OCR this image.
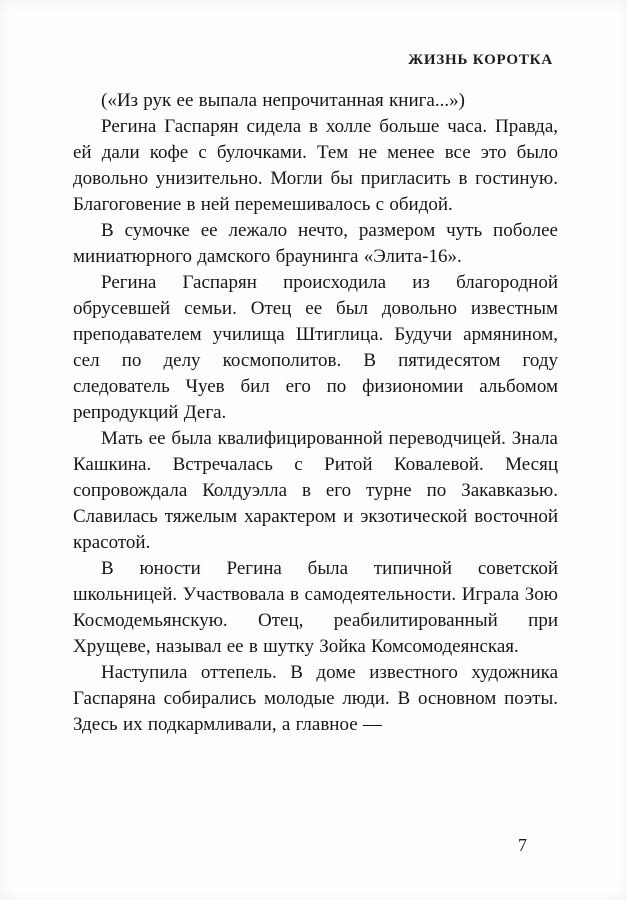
ЖИЗНЬ КОРОТКА

(«Из рук ее выпала непрочитанная книга...»)

Регина Гаспарян сидела в холле больше часа. Правда, ей дали кофе с булочками. Тем не менее все это было довольно унизительно. Могли бы пригласить в гостиную. Благоговение в ней перемешивалось с обидой.

В сумочке ее лежало нечто, размером чуть поболее миниатюрного дамского браунинга «Элита-16».

Регина Гаспарян происходила из благородной обрусевшей семьи. Отец ее был довольно известным преподавателем училища Штиглица. Будучи армянином, сел по делу космополитов. В пятидесятом году следователь Чуев бил его по физиономии альбомом репродукций Дега.

Мать ее была квалифицированной переводчицей. Знала Кашкина. Встречалась с Ритой Ковалевой. Месяц сопровождала Колдуэлла в его турне по Закавказью. Славилась тяжелым характером и экзотической восточной красотой.

В юности Регина была типичной советской школьницей. Участвовала в самодеятельности. Играла Зою Космодемьянскую. Отец, реабилитированный при Хрущеве, называл ее в шутку Зойка Комсомодеянская.

Наступила оттепель. В доме известного художника Гаспаряна собирались молодые люди. В основном поэты. Здесь их подкармливали, а главное —

7
